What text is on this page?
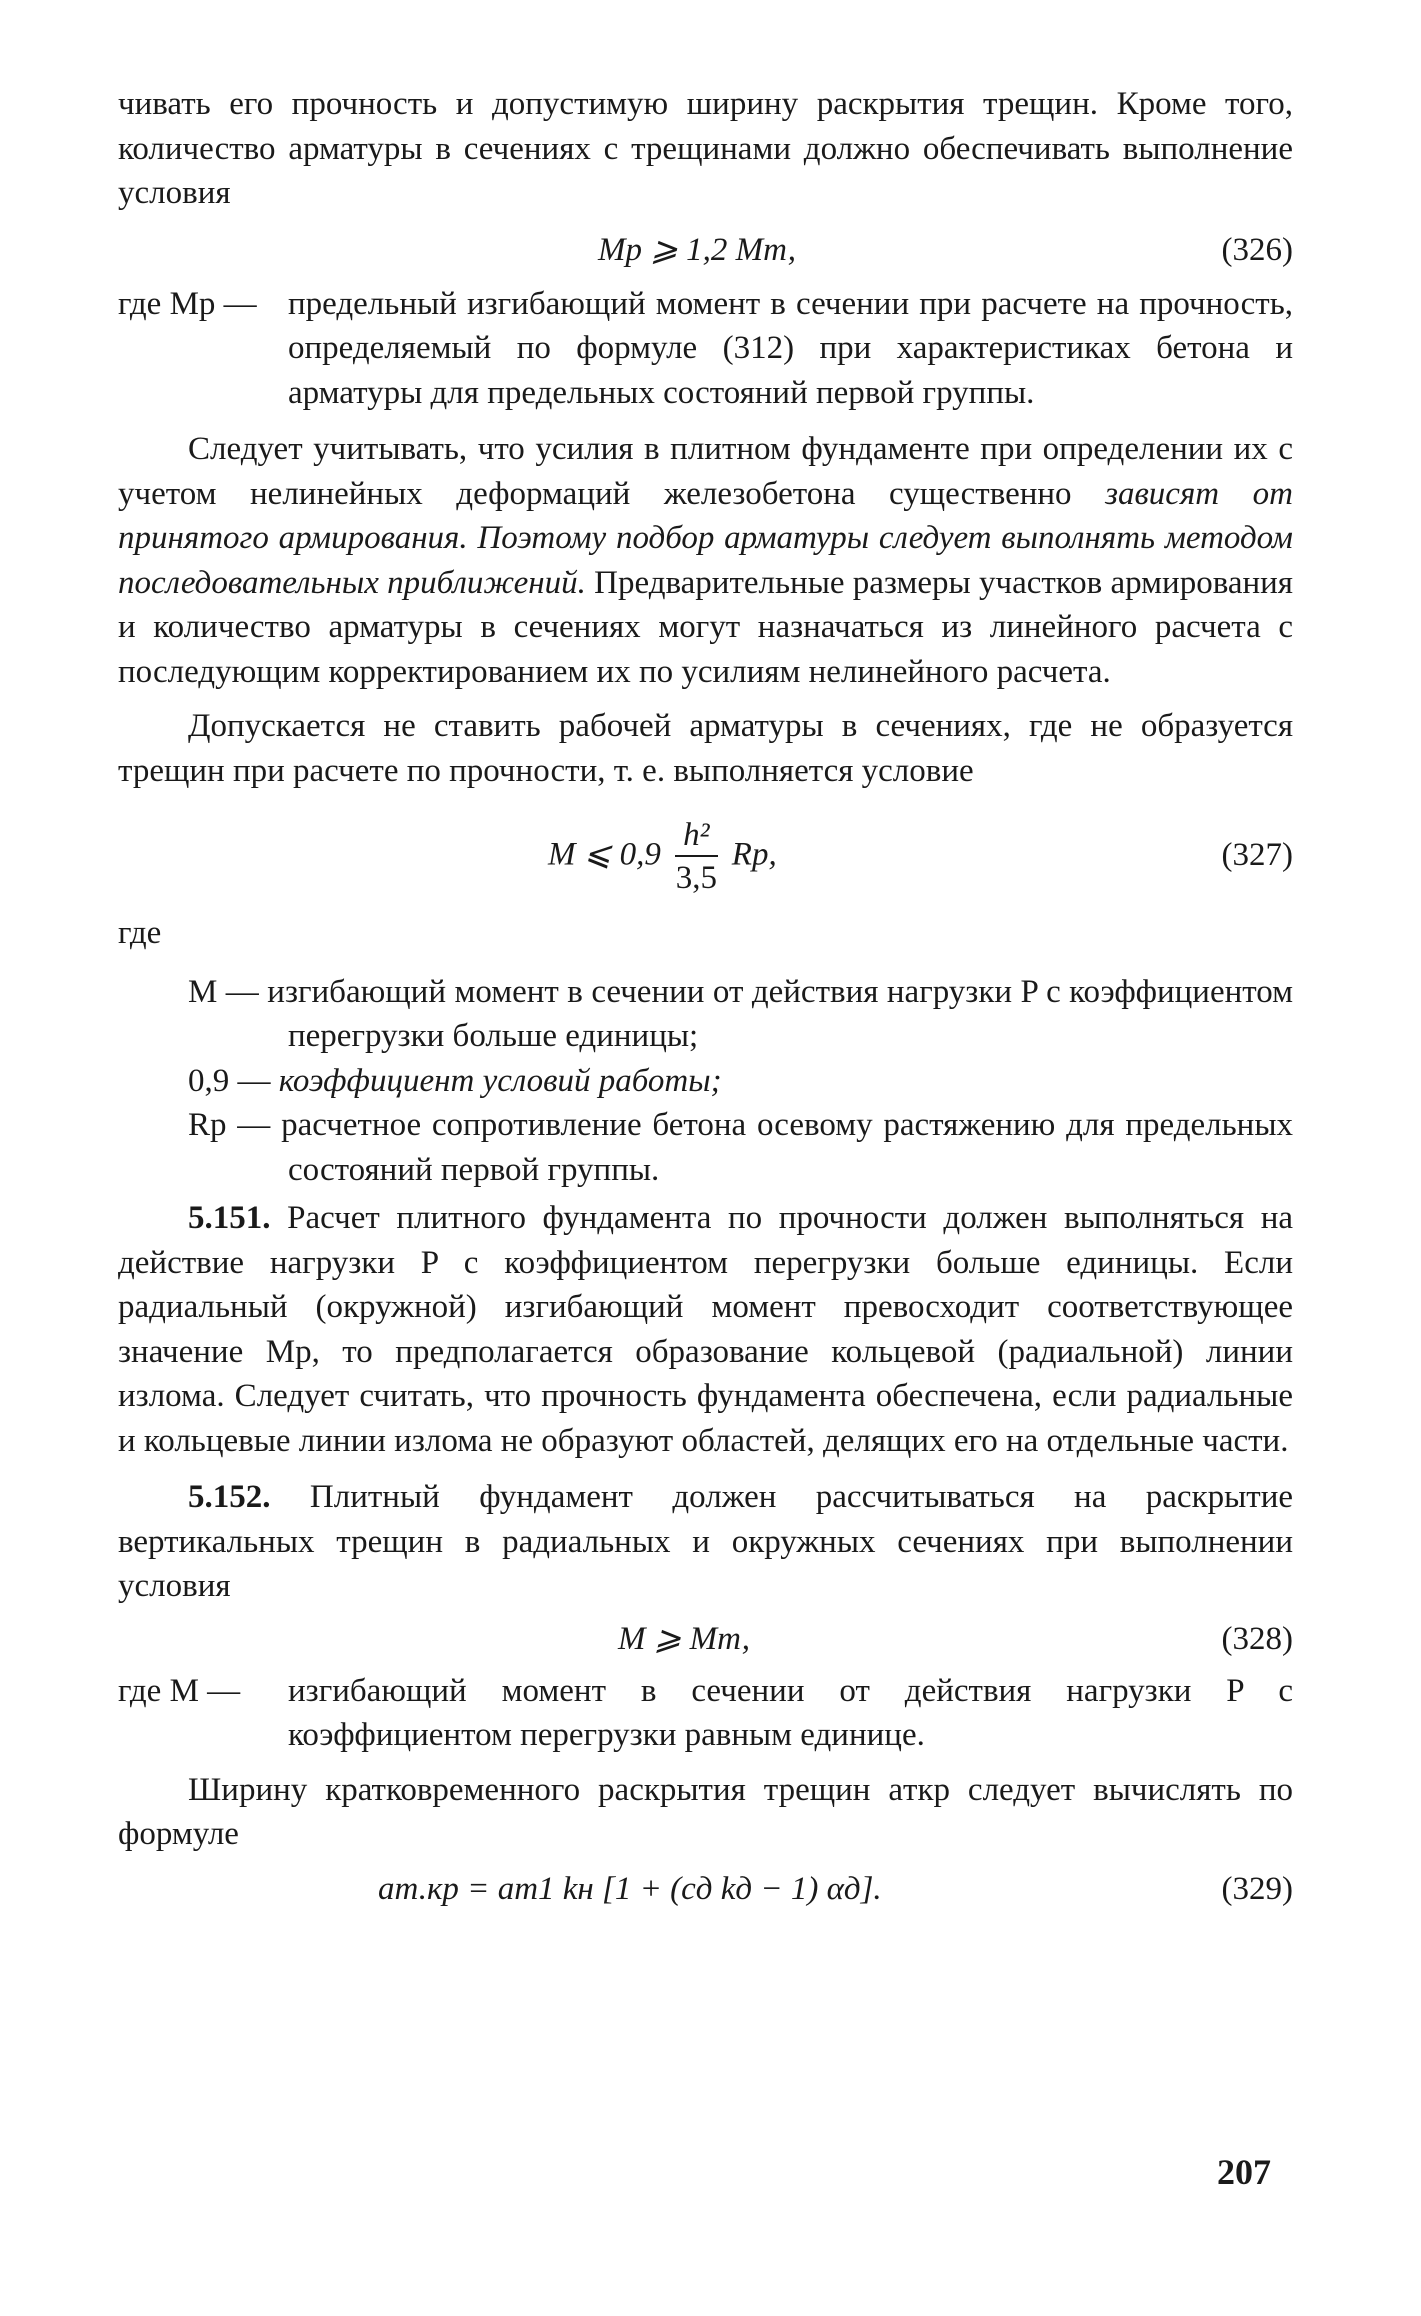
чивать его прочность и допустимую ширину раскрытия трещин. Кроме того, количество арматуры в сечениях с трещинами должно обеспечивать выполнение условия

Mр ⩾ 1,2 Mт,	(326)
где Mр — предельный изгибающий момент в сечении при расчете на прочность, определяемый по формуле (312) при характеристиках бетона и арматуры для предельных состояний первой группы.

Следует учитывать, что усилия в плитном фундаменте при определении их с учетом нелинейных деформаций железобетона существенно зависят от принятого армирования. Поэтому подбор арматуры следует выполнять методом последовательных приближений. Предварительные размеры участков армирования и количество арматуры в сечениях могут назначаться из линейного расчета с последующим корректированием их по усилиям нелинейного расчета.

Допускается не ставить рабочей арматуры в сечениях, где не образуется трещин при расчете по прочности, т. е. выполняется условие

M ⩽ $0,9 \frac{\text{h²}}{3,5}$ Rр,	(327)

где

M — изгибающий момент в сечении от действия нагрузки P с коэффициентом перегрузки больше единицы;
0,9 — коэффициент условий работы;
Rр — расчетное сопротивление бетона осевому растяжению для предельных состояний первой группы.

5.151. Расчет плитного фундамента по прочности должен выполняться на действие нагрузки P с коэффициентом перегрузки больше единицы. Если радиальный (окружной) изгибающий момент превосходит соответствующее значение Mр, то предполагается образование кольцевой (радиальной) линии излома. Следует считать, что прочность фундамента обеспечена, если радиальные и кольцевые линии излома не образуют областей, делящих его на отдельные части.

5.152. Плитный фундамент должен рассчитываться на раскрытие вертикальных трещин в радиальных и окружных сечениях при выполнении условия

M ⩾ Mт,	(328)
где M — изгибающий момент в сечении от действия нагрузки P с коэффициентом перегрузки равным единице.

Ширину кратковременного раскрытия трещин aткр следует вычислять по формуле

aт.кр = aт1 kн [1 + (cд kд − 1) αд].	(329)
207
